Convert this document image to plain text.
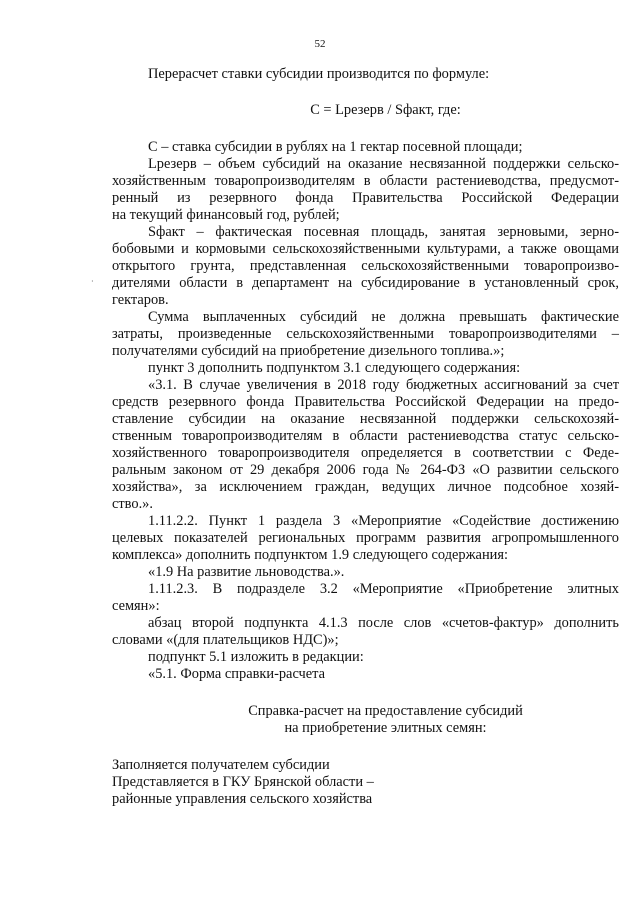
52
Перерасчет ставки субсидии производится по формуле:
С = Lрезерв / Sфакт, где:
С – ставка субсидии в рублях на 1 гектар посевной площади;
Lрезерв – объем субсидий на оказание несвязанной поддержки сельско-
хозяйственным товаропроизводителям в области растениеводства, предусмот-
ренный из резервного фонда Правительства Российской Федерации
на текущий финансовый год, рублей;
Sфакт – фактическая посевная площадь, занятая зерновыми, зерно-
бобовыми и кормовыми сельскохозяйственными культурами, а также овощами
открытого грунта, представленная сельскохозяйственными товаропроизво-
дителями области в департамент на субсидирование в установленный срок,
гектаров.
Сумма выплаченных субсидий не должна превышать фактические
затраты, произведенные сельскохозяйственными товаропроизводителями –
получателями субсидий на приобретение дизельного топлива.»;
пункт 3 дополнить подпунктом 3.1 следующего содержания:
«3.1. В случае увеличения в 2018 году бюджетных ассигнований за счет
средств резервного фонда Правительства Российской Федерации на предо-
ставление субсидии на оказание несвязанной поддержки сельскохозяй-
ственным товаропроизводителям в области растениеводства статус сельско-
хозяйственного товаропроизводителя определяется в соответствии с Феде-
ральным законом от 29 декабря 2006 года № 264-ФЗ «О развитии сельского
хозяйства», за исключением граждан, ведущих личное подсобное хозяй-
ство.».
1.11.2.2. Пункт 1 раздела 3 «Мероприятие «Содействие достижению
целевых показателей региональных программ развития агропромышленного
комплекса» дополнить подпунктом 1.9 следующего содержания:
«1.9 На развитие льноводства.».
1.11.2.3. В подразделе 3.2 «Мероприятие «Приобретение элитных
семян»:
абзац второй подпункта 4.1.3 после слов «счетов-фактур» дополнить
словами «(для плательщиков НДС)»;
подпункт 5.1 изложить в редакции:
«5.1. Форма справки-расчета
Справка-расчет на предоставление субсидий
на приобретение элитных семян:
Заполняется получателем субсидии
Представляется в ГКУ Брянской области –
районные управления сельского хозяйства
·
